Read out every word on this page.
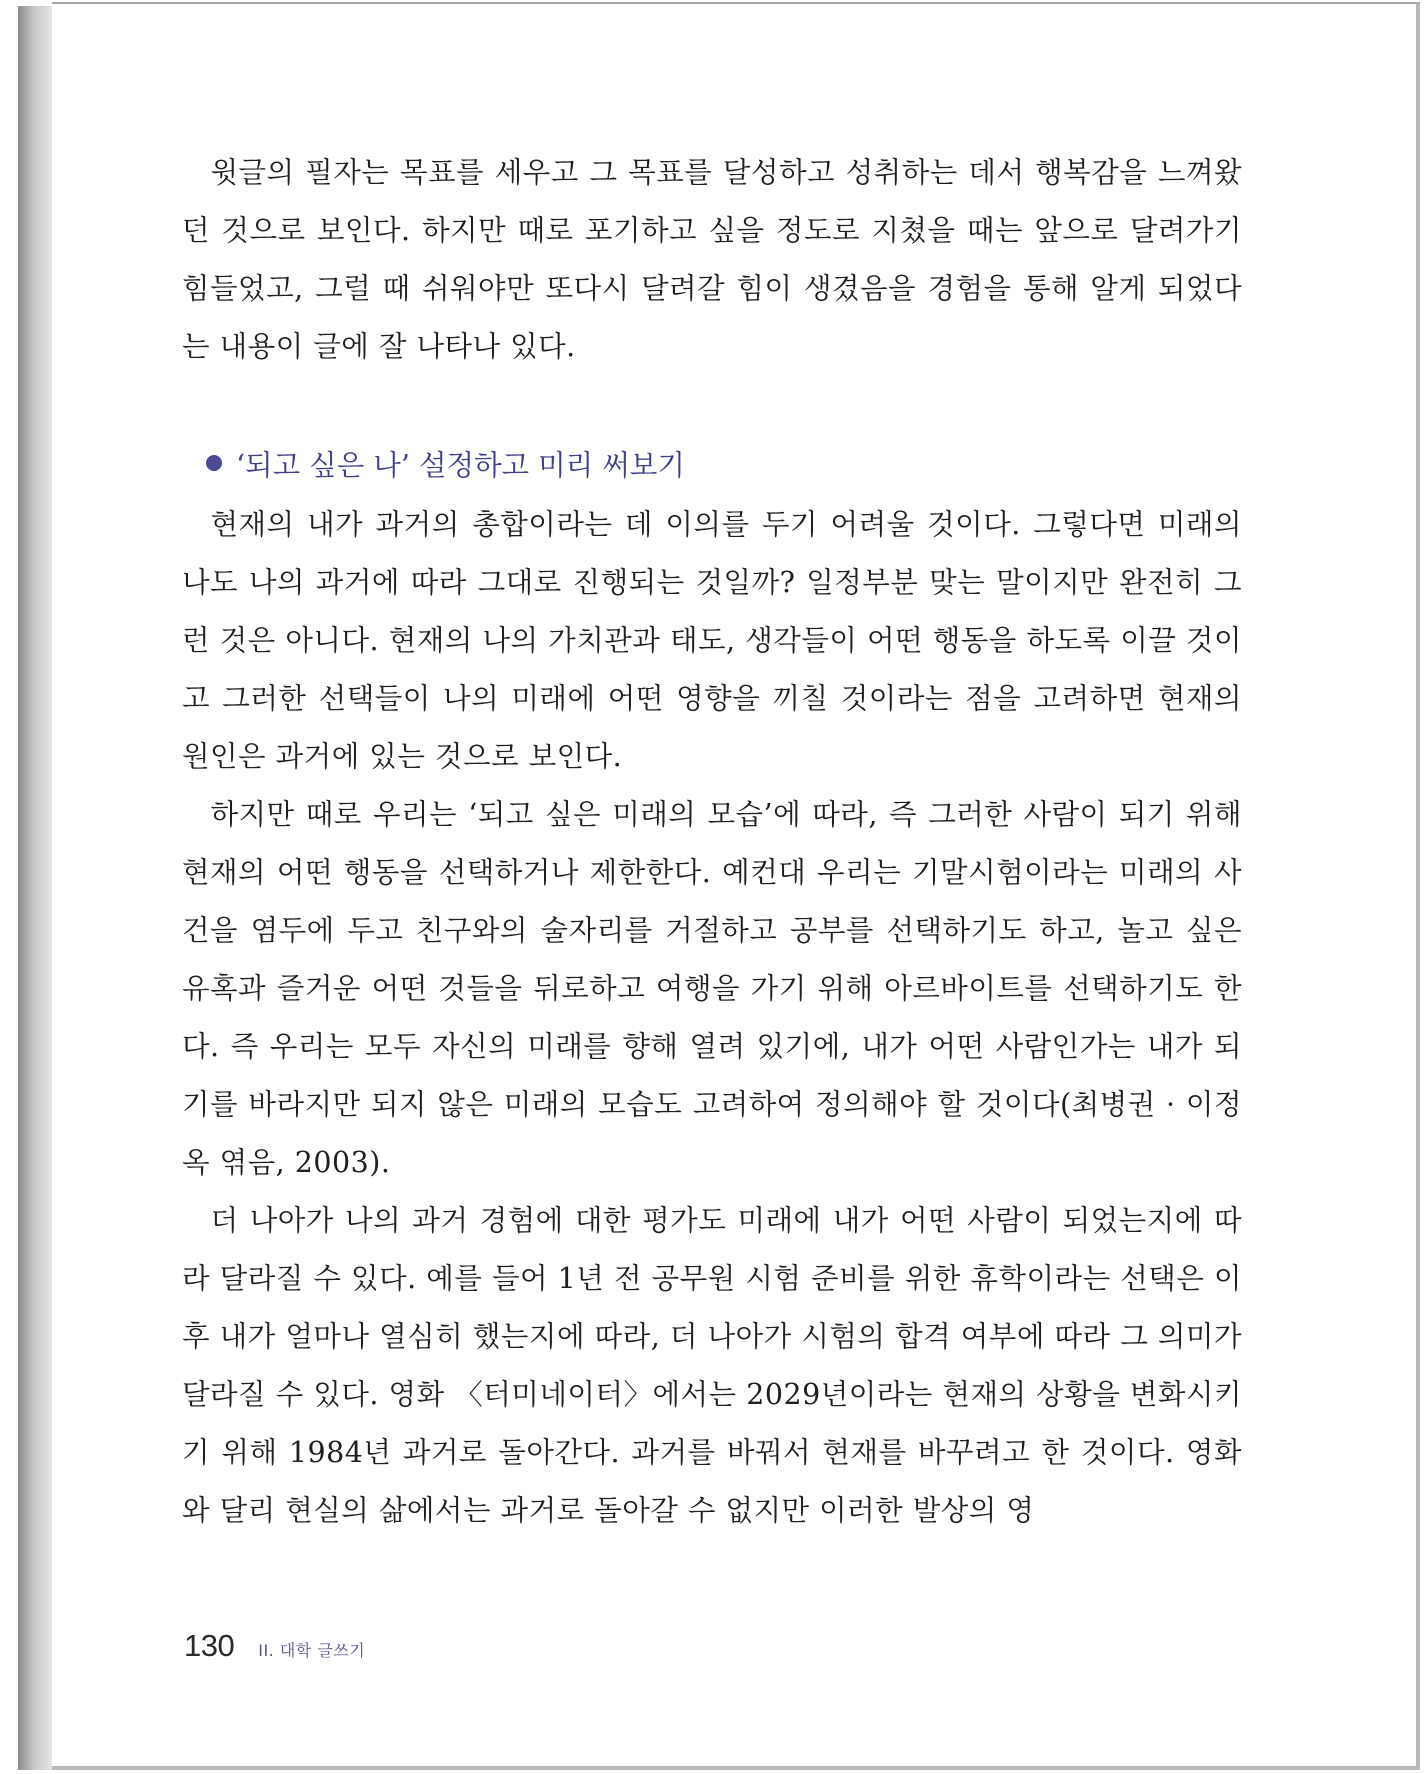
윗글의 필자는 목표를 세우고 그 목표를 달성하고 성취하는 데서 행복감을 느껴왔던 것으로 보인다. 하지만 때로 포기하고 싶을 정도로 지쳤을 때는 앞으로 달려가기 힘들었고, 그럴 때 쉬워야만 또다시 달려갈 힘이 생겼음을 경험을 통해 알게 되었다는 내용이 글에 잘 나타나 있다.

‘되고 싶은 나’ 설정하고 미리 써보기

현재의 내가 과거의 총합이라는 데 이의를 두기 어려울 것이다. 그렇다면 미래의 나도 나의 과거에 따라 그대로 진행되는 것일까? 일정부분 맞는 말이지만 완전히 그런 것은 아니다. 현재의 나의 가치관과 태도, 생각들이 어떤 행동을 하도록 이끌 것이고 그러한 선택들이 나의 미래에 어떤 영향을 끼칠 것이라는 점을 고려하면 현재의 원인은 과거에 있는 것으로 보인다.

하지만 때로 우리는 ‘되고 싶은 미래의 모습’에 따라, 즉 그러한 사람이 되기 위해 현재의 어떤 행동을 선택하거나 제한한다. 예컨대 우리는 기말시험이라는 미래의 사건을 염두에 두고 친구와의 술자리를 거절하고 공부를 선택하기도 하고, 놀고 싶은 유혹과 즐거운 어떤 것들을 뒤로하고 여행을 가기 위해 아르바이트를 선택하기도 한다. 즉 우리는 모두 자신의 미래를 향해 열려 있기에, 내가 어떤 사람인가는 내가 되기를 바라지만 되지 않은 미래의 모습도 고려하여 정의해야 할 것이다(최병권 · 이정옥 엮음, 2003).

더 나아가 나의 과거 경험에 대한 평가도 미래에 내가 어떤 사람이 되었는지에 따라 달라질 수 있다. 예를 들어 1년 전 공무원 시험 준비를 위한 휴학이라는 선택은 이후 내가 얼마나 열심히 했는지에 따라, 더 나아가 시험의 합격 여부에 따라 그 의미가 달라질 수 있다. 영화 〈터미네이터〉에서는 2029년이라는 현재의 상황을 변화시키기 위해 1984년 과거로 돌아간다. 과거를 바꿔서 현재를 바꾸려고 한 것이다. 영화와 달리 현실의 삶에서는 과거로 돌아갈 수 없지만 이러한 발상의 영

130 II. 대학 글쓰기
